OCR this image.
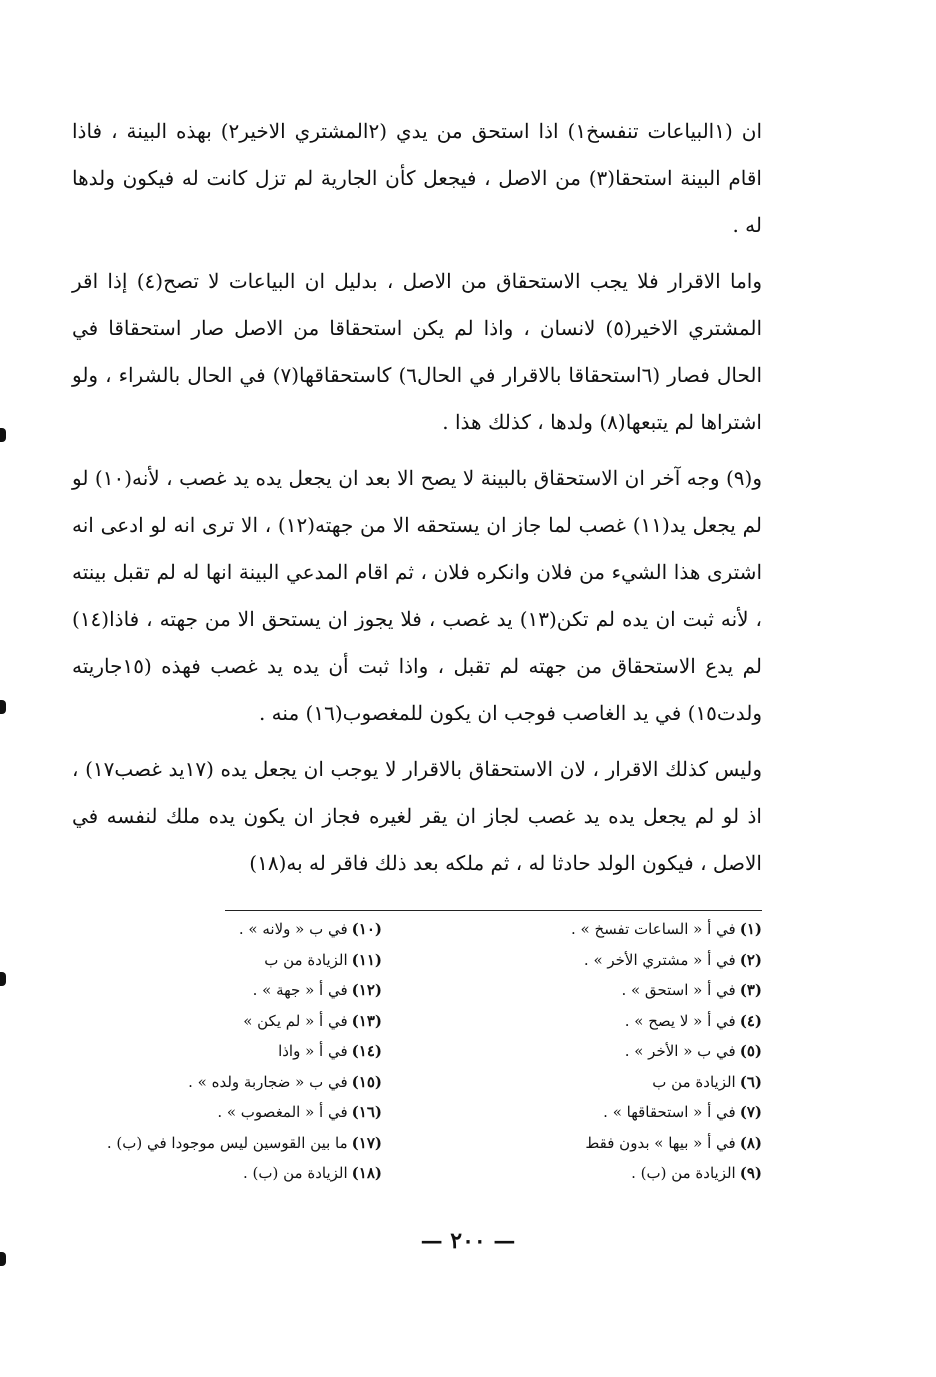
ان (١البياعات تنفسخ١) اذا استحق من يدي (٢المشتري الاخير٢) بهذه البينة ، فاذا اقام البينة استحقا(٣) من الاصل ، فيجعل كأن الجارية لم تزل كانت له فيكون ولدها له .

واما الاقرار فلا يجب الاستحقاق من الاصل ، بدليل ان البياعات لا تصح(٤) إذا اقر المشتري الاخير(٥) لانسان ، واذا لم يكن استحقاقا من الاصل صار استحقاقا في الحال فصار (٦استحقاقا بالاقرار في الحال٦) كاستحقاقها(٧) في الحال بالشراء ، ولو اشتراها لم يتبعها(٨) ولدها ، كذلك هذا .

و(٩) وجه آخر ان الاستحقاق بالبينة لا يصح الا بعد ان يجعل يده يد غصب ، لأنه(١٠) لو لم يجعل يد(١١) غصب لما جاز ان يستحقه الا من جهته(١٢) ، الا ترى انه لو ادعى انه اشترى هذا الشيء من فلان وانكره فلان ، ثم اقام المدعي البينة انها له لم تقبل بينته ، لأنه ثبت ان يده لم تكن(١٣) يد غصب ، فلا يجوز ان يستحق الا من جهته ، فاذا(١٤) لم يدع الاستحقاق من جهته لم تقبل ، واذا ثبت أن يده يد غصب فهذه (١٥جاريته ولدت١٥) في يد الغاصب فوجب ان يكون للمغصوب(١٦) منه .

وليس كذلك الاقرار ، لان الاستحقاق بالاقرار لا يوجب ان يجعل يده (١٧يد غصب١٧) ، اذ لو لم يجعل يده يد غصب لجاز ان يقر لغيره فجاز ان يكون يده ملك لنفسه في الاصل ، فيكون الولد حادثا له ، ثم ملكه بعد ذلك فاقر له به(١٨)

(١)في أ « الساعات تفسخ » .
(٢)في أ « مشتري الأخر » .
(٣)في أ « استحق » .
(٤)في أ « لا يصح » .
(٥)في ب « الأخر » .
(٦)الزيادة من ب
(٧)في أ « استحقاقها » .
(٨)في أ « بيها » بدون فقط
(٩)الزيادة من (ب) .
(١٠)في ب « ولانه » .
(١١)الزيادة من ب
(١٢)في أ « جهة » .
(١٣)في أ « لم يكن »
(١٤)في أ « واذا
(١٥)في ب « ضجاربة ولده » .
(١٦)في أ « المغصوب » .
(١٧)ما بين القوسين ليس موجودا في (ب) .
(١٨)الزيادة من (ب) .
— ٢٠٠ —
